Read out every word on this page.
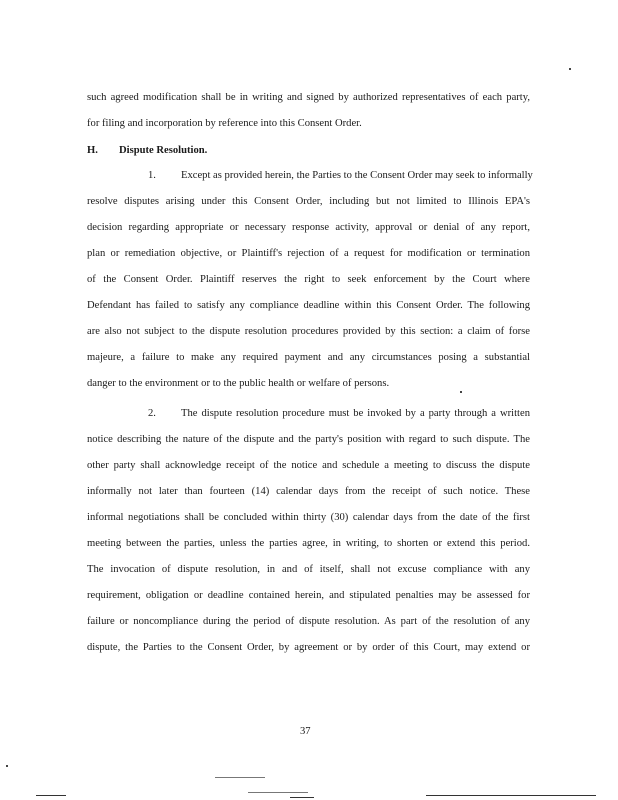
such agreed modification shall be in writing and signed by authorized representatives of each party,
for filing and incorporation by reference into this Consent Order.
H. Dispute Resolution.
1. Except as provided herein, the Parties to the Consent Order may seek to informally
resolve disputes arising under this Consent Order, including but not limited to Illinois EPA's
decision regarding appropriate or necessary response activity, approval or denial of any report,
plan or remediation objective, or Plaintiff's rejection of a request for modification or termination
of the Consent Order. Plaintiff reserves the right to seek enforcement by the Court where
Defendant has failed to satisfy any compliance deadline within this Consent Order. The following
are also not subject to the dispute resolution procedures provided by this section: a claim of forse
majeure, a failure to make any required payment and any circumstances posing a substantial
danger to the environment or to the public health or welfare of persons.
2. The dispute resolution procedure must be invoked by a party through a written
notice describing the nature of the dispute and the party's position with regard to such dispute. The
other party shall acknowledge receipt of the notice and schedule a meeting to discuss the dispute
informally not later than fourteen (14) calendar days from the receipt of such notice. These
informal negotiations shall be concluded within thirty (30) calendar days from the date of the first
meeting between the parties, unless the parties agree, in writing, to shorten or extend this period.
The invocation of dispute resolution, in and of itself, shall not excuse compliance with any
requirement, obligation or deadline contained herein, and stipulated penalties may be assessed for
failure or noncompliance during the period of dispute resolution. As part of the resolution of any
dispute, the Parties to the Consent Order, by agreement or by order of this Court, may extend or
37
